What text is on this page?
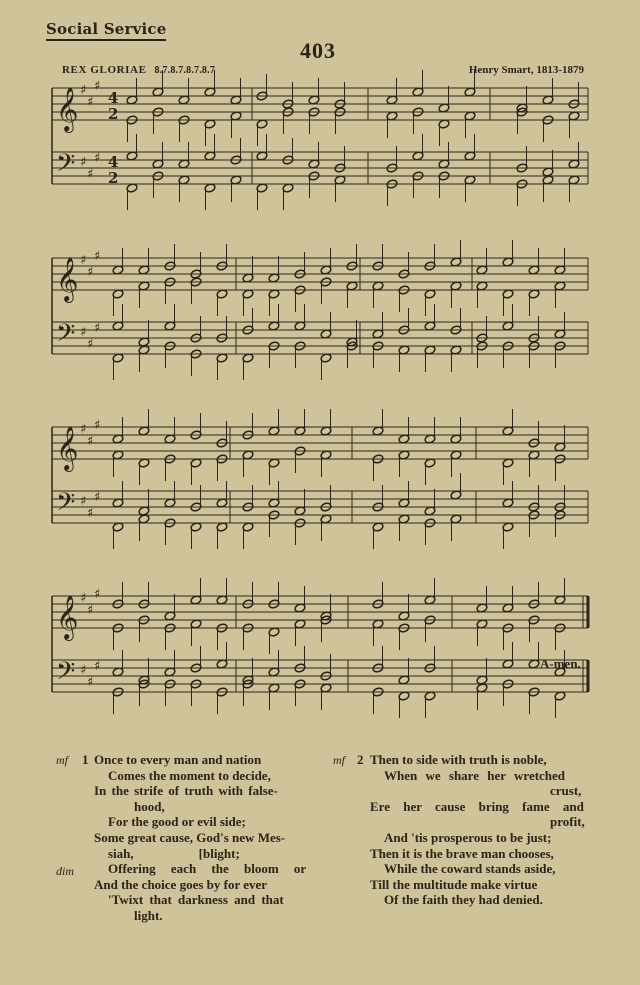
Social Service
403
REX GLORIAE 8.7.8.7.8.7.8.7	Henry Smart, 1813-1879
𝄞 ♯
♯
♯
4
2
𝄢 ♯
♯
♯ 4
2
𝄞 ♯
♯
♯
𝄢 ♯
♯
♯
𝄞 ♯
♯
♯
𝄢 ♯
♯
♯
𝄞 ♯
♯
♯
𝄢 ♯
♯
♯	A-men.
mf 1
dim
Once to every man and nation
Comes the moment to decide,
In the strife of truth with false-
hood,
For the good or evil side;
Some great cause, God's new Mes-
siah,                    [blight;
Offering each the bloom or
And the choice goes by for ever
'Twixt that darkness and that
light.
mf 2 Then to side with truth is noble,
When we share her wretched
crust,
Ere her cause bring fame and
profit,
And 'tis prosperous to be just;
Then it is the brave man chooses,
While the coward stands aside,
Till the multitude make virtue
Of the faith they had denied.
